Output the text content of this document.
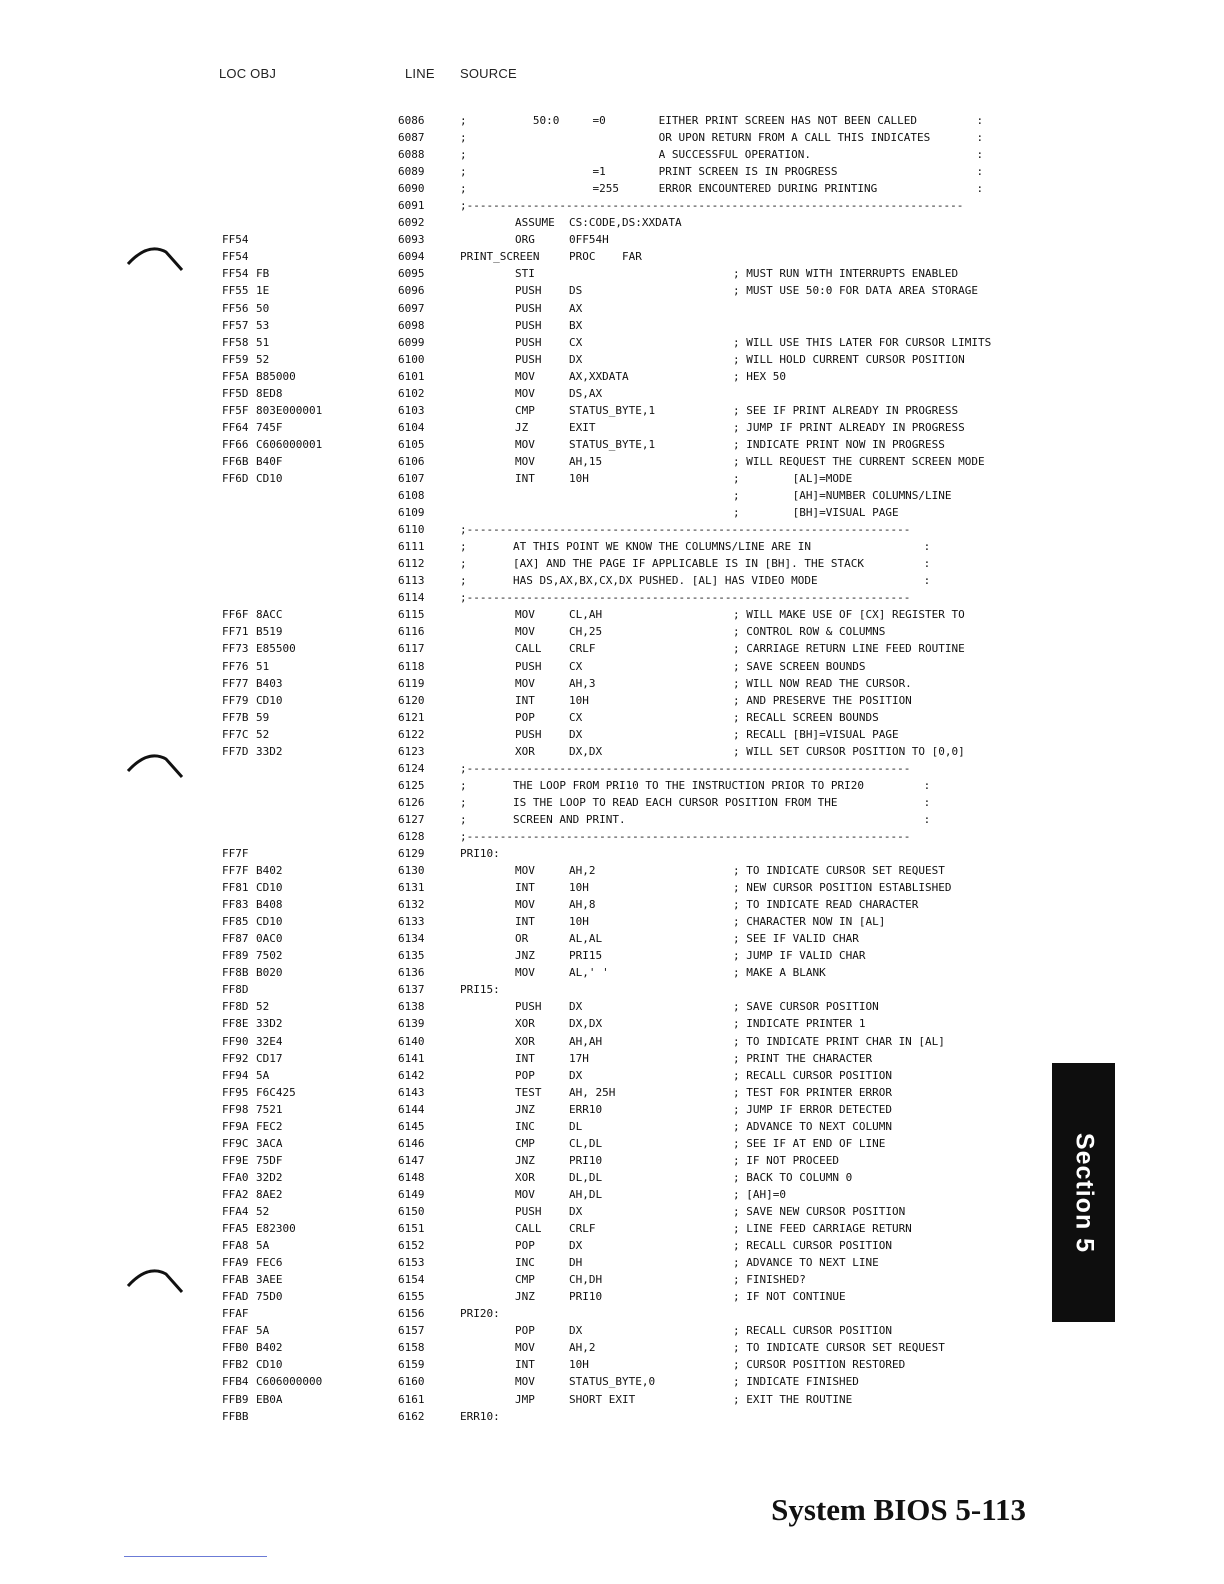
LOC OBJ	LINE SOURCE
6086	;          50:0     =0        EITHER PRINT SCREEN HAS NOT BEEN CALLED         :
6087	;                             OR UPON RETURN FROM A CALL THIS INDICATES       :
6088	;                             A SUCCESSFUL OPERATION.                         :
6089	;                   =1        PRINT SCREEN IS IN PROGRESS                     :
6090	;                   =255      ERROR ENCOUNTERED DURING PRINTING               :
6091	;---------------------------------------------------------------------------
6092	ASSUME CS:CODE,DS:XXDATA
FF54	6093	ORG	0FF54H
FF54	6094	PRINT_SCREEN	PROC    FAR
FF54 FB	6095	STI	; MUST RUN WITH INTERRUPTS ENABLED
FF55 1E	6096	PUSH	DS	; MUST USE 50:0 FOR DATA AREA STORAGE
FF56 50	6097	PUSH	AX
FF57 53	6098	PUSH	BX
FF58 51	6099	PUSH	CX	; WILL USE THIS LATER FOR CURSOR LIMITS
FF59 52	6100	PUSH	DX	; WILL HOLD CURRENT CURSOR POSITION
FF5A B85000	6101	MOV	AX,XXDATA	; HEX 50
FF5D 8ED8	6102	MOV	DS,AX
FF5F 803E000001	6103	CMP	STATUS_BYTE,1	; SEE IF PRINT ALREADY IN PROGRESS
FF64 745F	6104	JZ	EXIT	; JUMP IF PRINT ALREADY IN PROGRESS
FF66 C606000001	6105	MOV	STATUS_BYTE,1	; INDICATE PRINT NOW IN PROGRESS
FF6B B40F	6106	MOV	AH,15	; WILL REQUEST THE CURRENT SCREEN MODE
FF6D CD10	6107	INT	10H	;        [AL]=MODE
6108	;        [AH]=NUMBER COLUMNS/LINE
6109	;        [BH]=VISUAL PAGE
6110	;-------------------------------------------------------------------
6111	;       AT THIS POINT WE KNOW THE COLUMNS/LINE ARE IN                 :
6112	;       [AX] AND THE PAGE IF APPLICABLE IS IN [BH]. THE STACK         :
6113	;       HAS DS,AX,BX,CX,DX PUSHED. [AL] HAS VIDEO MODE                :
6114	;-------------------------------------------------------------------
FF6F 8ACC	6115	MOV	CL,AH	; WILL MAKE USE OF [CX] REGISTER TO
FF71 B519	6116	MOV	CH,25	; CONTROL ROW & COLUMNS
FF73 E85500	6117	CALL	CRLF	; CARRIAGE RETURN LINE FEED ROUTINE
FF76 51	6118	PUSH	CX	; SAVE SCREEN BOUNDS
FF77 B403	6119	MOV	AH,3	; WILL NOW READ THE CURSOR.
FF79 CD10	6120	INT	10H	; AND PRESERVE THE POSITION
FF7B 59	6121	POP	CX	; RECALL SCREEN BOUNDS
FF7C 52	6122	PUSH	DX	; RECALL [BH]=VISUAL PAGE
FF7D 33D2	6123	XOR	DX,DX	; WILL SET CURSOR POSITION TO [0,0]
6124	;-------------------------------------------------------------------
6125	;       THE LOOP FROM PRI10 TO THE INSTRUCTION PRIOR TO PRI20         :
6126	;       IS THE LOOP TO READ EACH CURSOR POSITION FROM THE             :
6127	;       SCREEN AND PRINT.                                             :
6128	;-------------------------------------------------------------------
FF7F	6129	PRI10:
FF7F B402	6130	MOV	AH,2	; TO INDICATE CURSOR SET REQUEST
FF81 CD10	6131	INT	10H	; NEW CURSOR POSITION ESTABLISHED
FF83 B408	6132	MOV	AH,8	; TO INDICATE READ CHARACTER
FF85 CD10	6133	INT	10H	; CHARACTER NOW IN [AL]
FF87 0AC0	6134	OR	AL,AL	; SEE IF VALID CHAR
FF89 7502	6135	JNZ	PRI15	; JUMP IF VALID CHAR
FF8B B020	6136	MOV	AL,' '	; MAKE A BLANK
FF8D	6137	PRI15:
FF8D 52	6138	PUSH	DX	; SAVE CURSOR POSITION
FF8E 33D2	6139	XOR	DX,DX	; INDICATE PRINTER 1
FF90 32E4	6140	XOR	AH,AH	; TO INDICATE PRINT CHAR IN [AL]
FF92 CD17	6141	INT	17H	; PRINT THE CHARACTER
FF94 5A	6142	POP	DX	; RECALL CURSOR POSITION
FF95 F6C425	6143	TEST	AH, 25H	; TEST FOR PRINTER ERROR
FF98 7521	6144	JNZ	ERR10	; JUMP IF ERROR DETECTED
FF9A FEC2	6145	INC	DL	; ADVANCE TO NEXT COLUMN
FF9C 3ACA	6146	CMP	CL,DL	; SEE IF AT END OF LINE
FF9E 75DF	6147	JNZ	PRI10	; IF NOT PROCEED
FFA0 32D2	6148	XOR	DL,DL	; BACK TO COLUMN 0
FFA2 8AE2	6149	MOV	AH,DL	; [AH]=0
FFA4 52	6150	PUSH	DX	; SAVE NEW CURSOR POSITION
FFA5 E82300	6151	CALL	CRLF	; LINE FEED CARRIAGE RETURN
FFA8 5A	6152	POP	DX	; RECALL CURSOR POSITION
FFA9 FEC6	6153	INC	DH	; ADVANCE TO NEXT LINE
FFAB 3AEE	6154	CMP	CH,DH	; FINISHED?
FFAD 75D0	6155	JNZ	PRI10	; IF NOT CONTINUE
FFAF	6156	PRI20:
FFAF 5A	6157	POP	DX	; RECALL CURSOR POSITION
FFB0 B402	6158	MOV	AH,2	; TO INDICATE CURSOR SET REQUEST
FFB2 CD10	6159	INT	10H	; CURSOR POSITION RESTORED
FFB4 C606000000	6160	MOV	STATUS_BYTE,0	; INDICATE FINISHED
FFB9 EB0A	6161	JMP	SHORT EXIT	; EXIT THE ROUTINE
FFBB	6162	ERR10:
Section 5
System BIOS 5-113
